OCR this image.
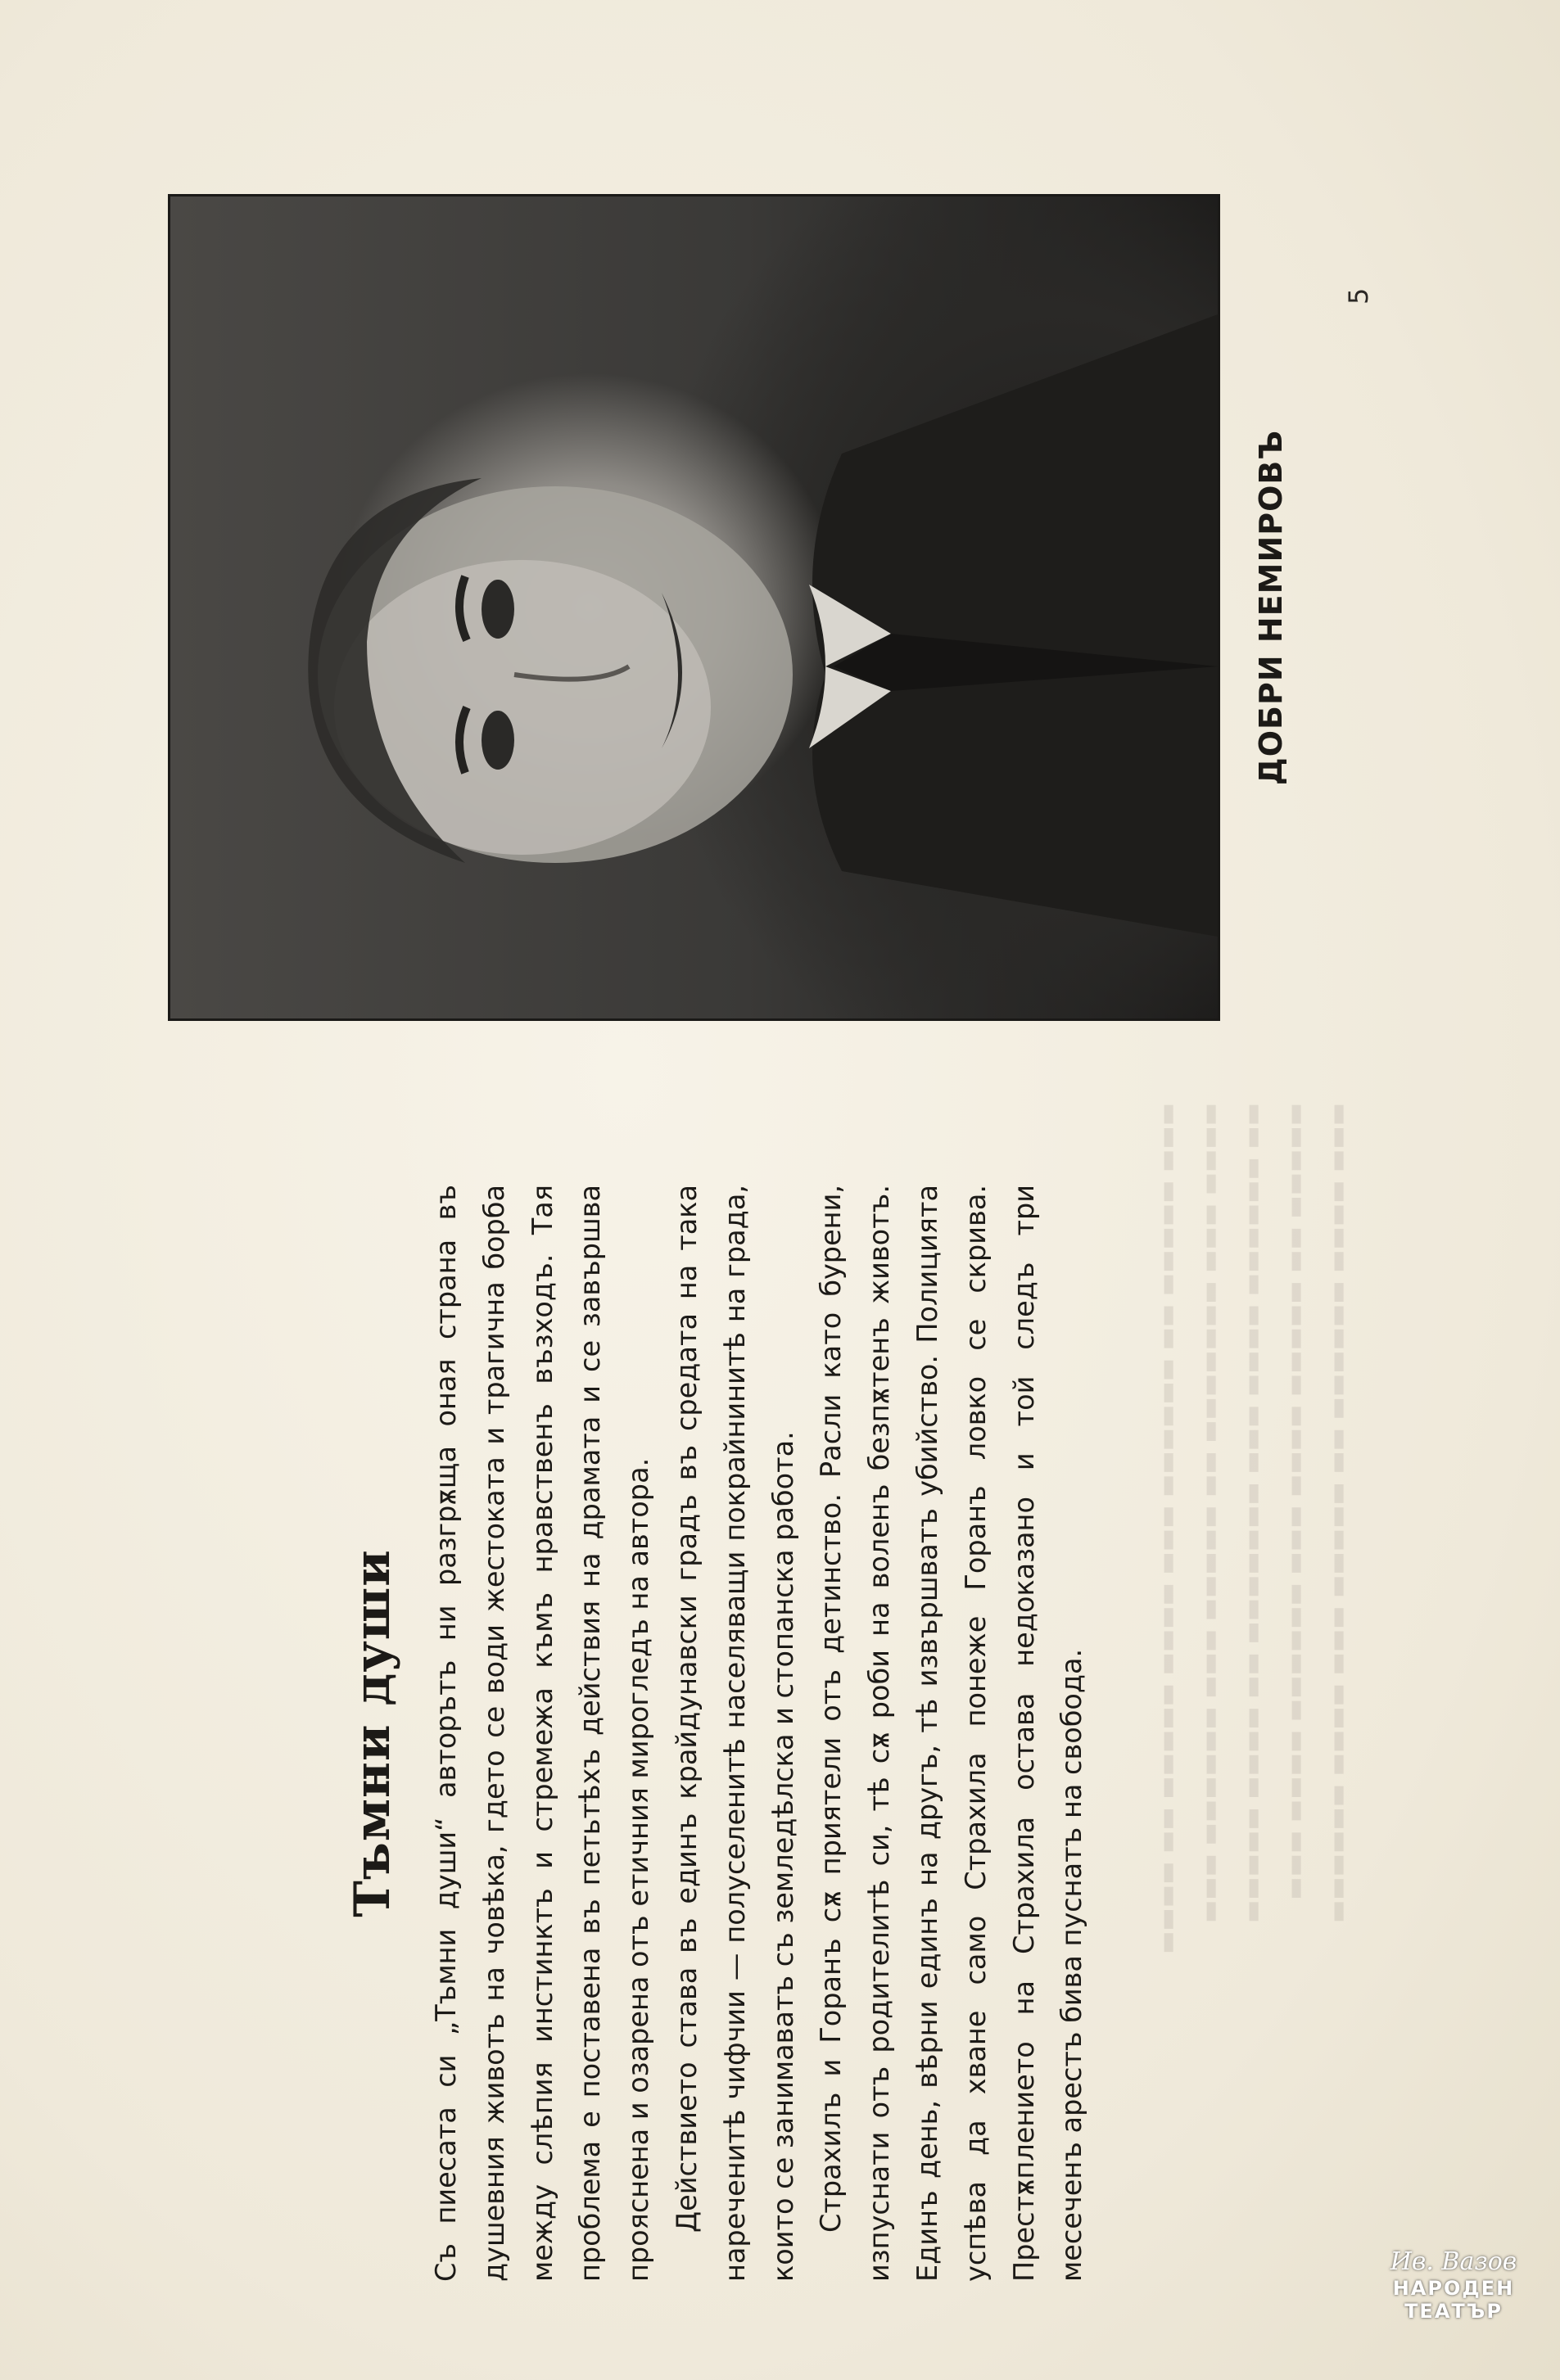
▬▬▬ ▬▬▬▬▬ ▬▬ ▬▬▬▬▬▬ ▬▬▬ ▬▬▬▬ ▬▬▬▬▬ ▬▬ ▬▬▬▬
▬▬▬▬ ▬▬▬ ▬▬▬▬▬▬▬ ▬▬ ▬▬▬▬▬ ▬▬▬ ▬▬▬▬▬▬ ▬▬▬
▬▬ ▬▬▬▬▬▬ ▬▬▬▬ ▬▬▬ ▬▬▬▬▬▬▬ ▬▬ ▬▬▬▬ ▬▬▬▬▬
▬▬▬▬▬ ▬▬ ▬▬▬▬▬ ▬▬▬▬ ▬▬▬ ▬▬▬▬▬▬ ▬▬▬▬ ▬▬▬
▬▬▬ ▬▬▬▬ ▬▬▬▬▬▬ ▬▬ ▬▬▬▬▬ ▬▬▬ ▬▬▬▬ ▬▬▬▬▬▬
Тъмни души Съ пиесата си „Тъмни души“ авторътъ ни разгрѫща оная страна въ душевния животъ на човѣка, гдето се води жестоката и трагична борба между слѣпия инстинктъ и стремежа къмъ нравственъ възходъ. Тая проблема е поставена въ петьтѣхъ действия на драмата и се завършва прояснена и озарена отъ етичния мирогледъ на автора. Действието става въ единъ крайдунавски градъ въ средата на така нареченитѣ чифчии — полуселенитѣ населяващи покрайнинитѣ на града, които се занимаватъ съ земледѣлска и стопанска работа. Страхилъ и Горанъ сѫ приятели отъ детинство. Расли като бурени, изпуснати отъ родителитѣ си, тѣ сѫ роби на воленъ безпѫтенъ животъ. Единъ день, вѣрни единъ на другъ, тѣ извършватъ убийство. Полицията успѣва да хване само Страхила понеже Горанъ ловко се скрива. Престѫплението на Страхила остава недоказано и той следъ три месеченъ арестъ бива пуснатъ на свобода.

ДОБРИ НЕМИРОВЪ
5
Ив. Вазов
НАРОДЕН
ТЕАТЪР
